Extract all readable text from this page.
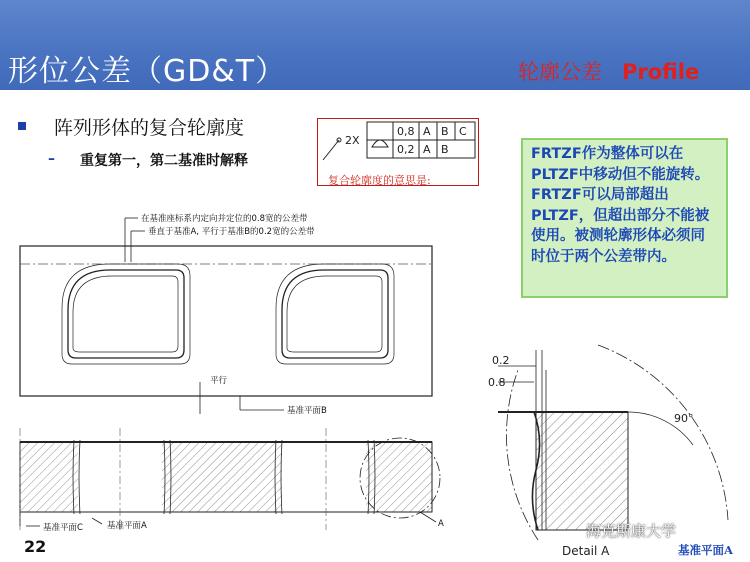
形位公差（GD&T）	轮廓公差 Profile
阵列形体的复合轮廓度
– 重复第一，第二基准时解释
2X
0,8 A B C
0,2 A B
复合轮廓度的意思是:
FRTZF作为整体可以在PLTZF中移动但不能旋转。FRTZF可以局部超出PLTZF，但超出部分不能被使用。被测轮廓形体必须同时位于两个公差带内。
在基准座标系内定向并定位的0.8宽的公差带
垂直于基准A, 平行于基准B的0.2宽的公差带
平行
基准平面B
A
基准平面C	基准平面A
0.2
0.8
90°
Detail A	基准平面A
22
海克斯康大学
